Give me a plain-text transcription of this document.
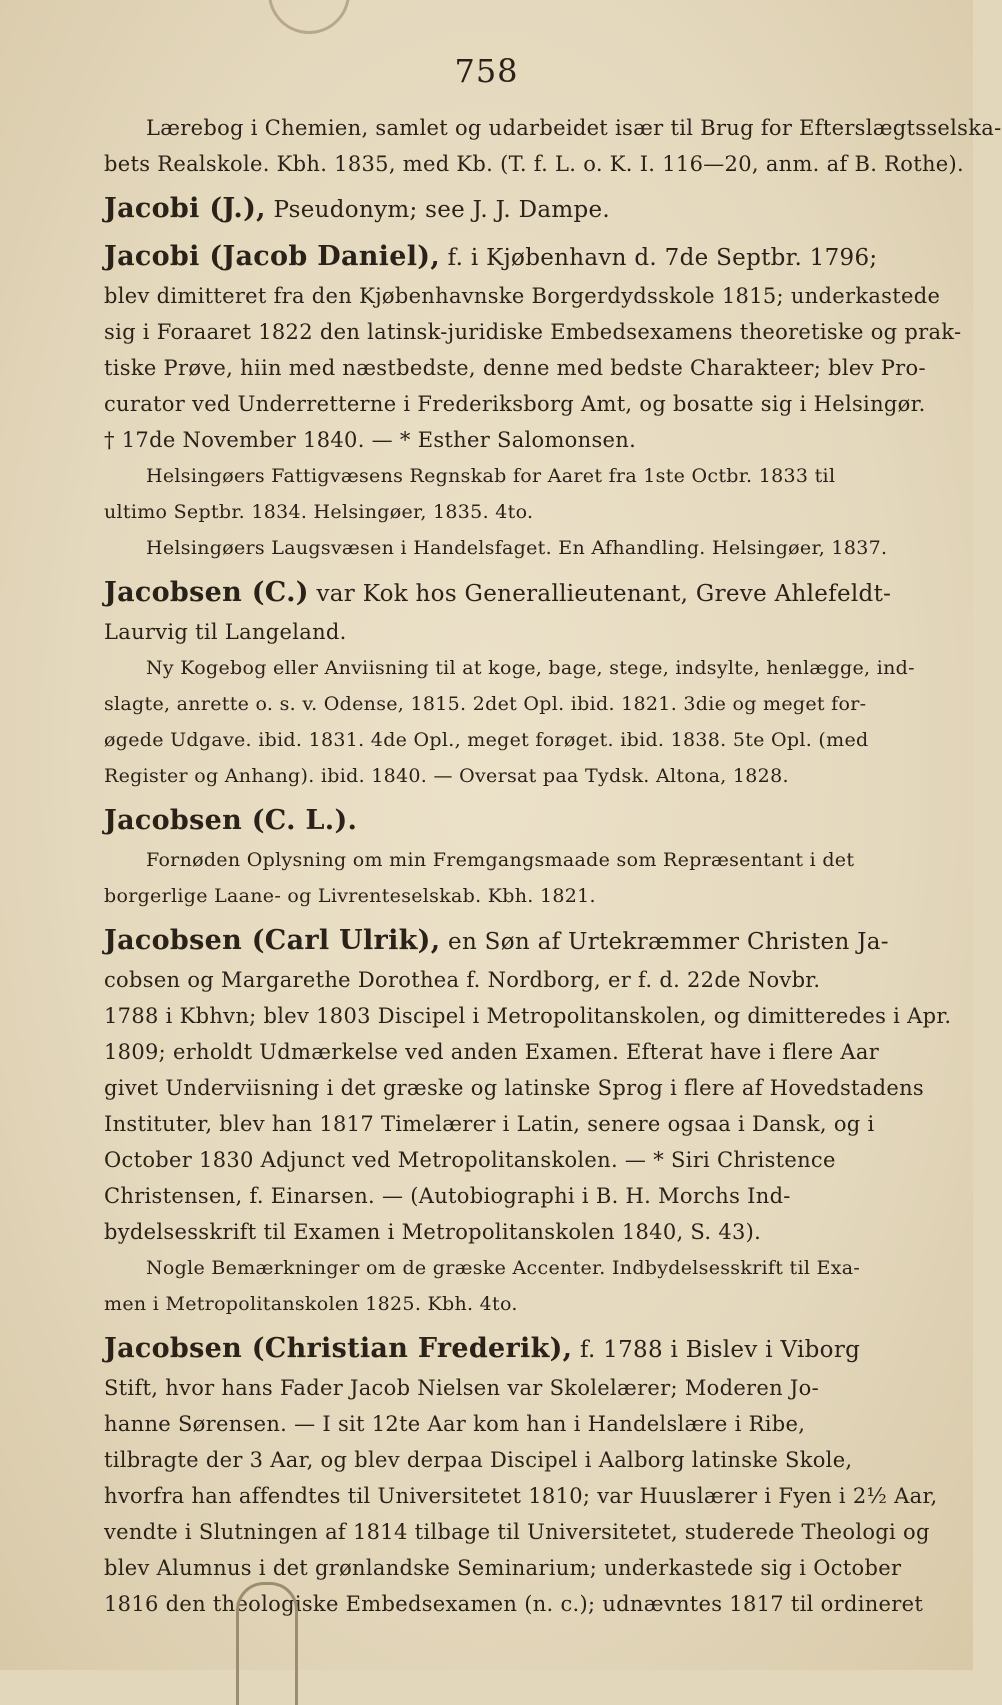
758
Lærebog i Chemien, samlet og udarbeidet især til Brug for Efterslægtsselska-
bets Realskole. Kbh. 1835, med Kb. (T. f. L. o. K. I. 116—20, anm. af B. Rothe).
Jacobi (J.), Pseudonym; see J. J. Dampe.
Jacobi (Jacob Daniel), f. i Kjøbenhavn d. 7de Septbr. 1796;
blev dimitteret fra den Kjøbenhavnske Borgerdydsskole 1815; underkastede
sig i Foraaret 1822 den latinsk-juridiske Embedsexamens theoretiske og prak-
tiske Prøve, hiin med næstbedste, denne med bedste Charakteer; blev Pro-
curator ved Underretterne i Frederiksborg Amt, og bosatte sig i Helsingør.
† 17de November 1840. — * Esther Salomonsen.
Helsingøers Fattigvæsens Regnskab for Aaret fra 1ste Octbr. 1833 til
ultimo Septbr. 1834. Helsingøer, 1835. 4to.
Helsingøers Laugsvæsen i Handelsfaget. En Afhandling. Helsingøer, 1837.
Jacobsen (C.) var Kok hos Generallieutenant, Greve Ahlefeldt-
Laurvig til Langeland.
Ny Kogebog eller Anviisning til at koge, bage, stege, indsylte, henlægge, ind-
slagte, anrette o. s. v. Odense, 1815. 2det Opl. ibid. 1821. 3die og meget for-
øgede Udgave. ibid. 1831. 4de Opl., meget forøget. ibid. 1838. 5te Opl. (med
Register og Anhang). ibid. 1840. — Oversat paa Tydsk. Altona, 1828.
Jacobsen (C. L.).
Fornøden Oplysning om min Fremgangsmaade som Repræsentant i det
borgerlige Laane- og Livrenteselskab. Kbh. 1821.
Jacobsen (Carl Ulrik), en Søn af Urtekræmmer Christen Ja-
cobsen og Margarethe Dorothea f. Nordborg, er f. d. 22de Novbr.
1788 i Kbhvn; blev 1803 Discipel i Metropolitanskolen, og dimitteredes i Apr.
1809; erholdt Udmærkelse ved anden Examen. Efterat have i flere Aar
givet Underviisning i det græske og latinske Sprog i flere af Hovedstadens
Instituter, blev han 1817 Timelærer i Latin, senere ogsaa i Dansk, og i
October 1830 Adjunct ved Metropolitanskolen. — * Siri Christence
Christensen, f. Einarsen. — (Autobiographi i B. H. Morchs Ind-
bydelsesskrift til Examen i Metropolitanskolen 1840, S. 43).
Nogle Bemærkninger om de græske Accenter. Indbydelsesskrift til Exa-
men i Metropolitanskolen 1825. Kbh. 4to.
Jacobsen (Christian Frederik), f. 1788 i Bislev i Viborg
Stift, hvor hans Fader Jacob Nielsen var Skolelærer; Moderen Jo-
hanne Sørensen. — I sit 12te Aar kom han i Handelslære i Ribe,
tilbragte der 3 Aar, og blev derpaa Discipel i Aalborg latinske Skole,
hvorfra han affendtes til Universitetet 1810; var Huuslærer i Fyen i 2½ Aar,
vendte i Slutningen af 1814 tilbage til Universitetet, studerede Theologi og
blev Alumnus i det grønlandske Seminarium; underkastede sig i October
1816 den theologiske Embedsexamen (n. c.); udnævntes 1817 til ordineret
